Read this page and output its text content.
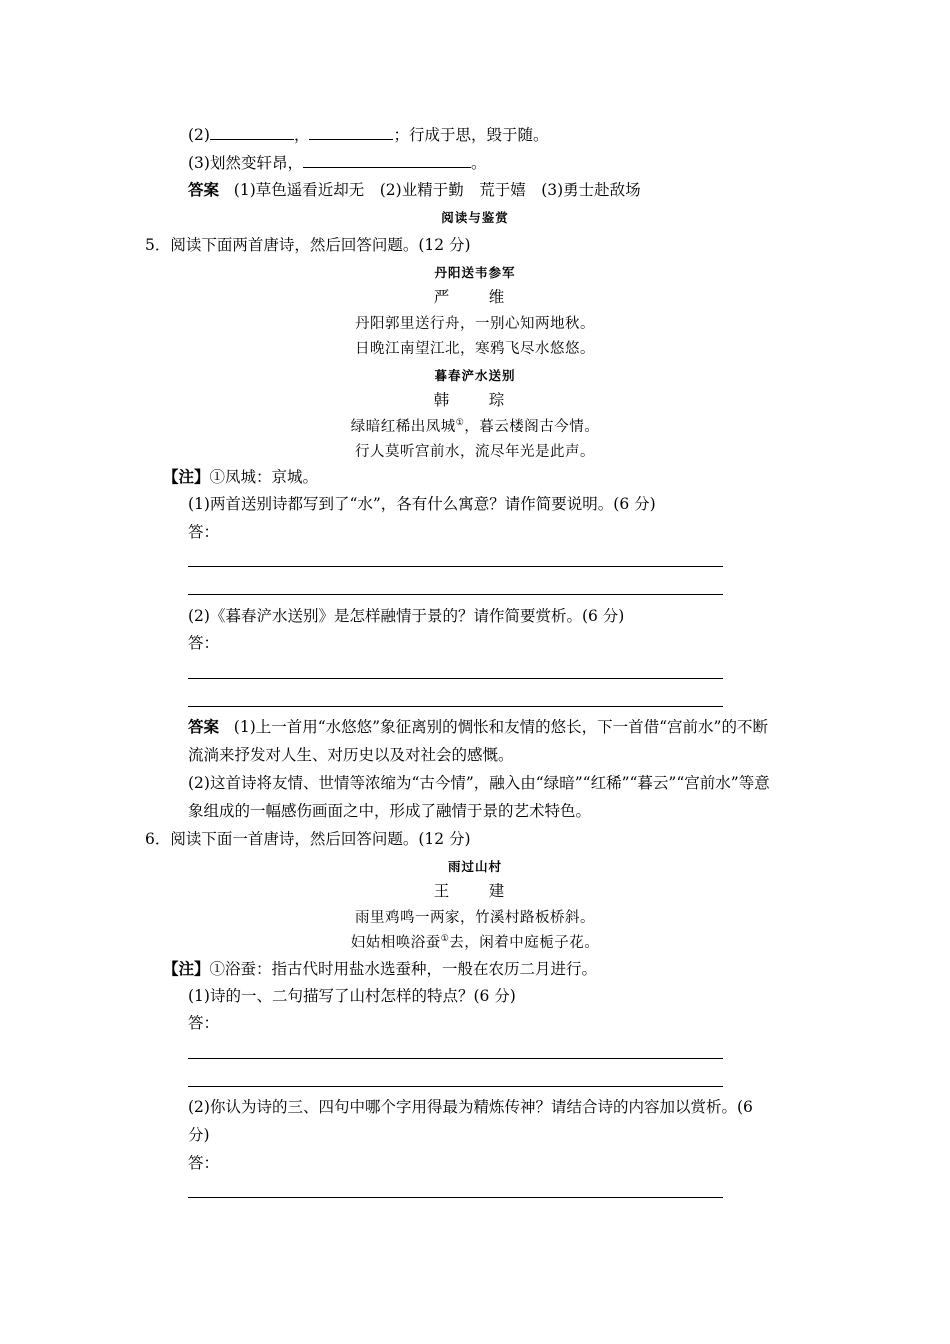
(2)	，	；行成于思，毁于随。
(3)划然变轩昂，	。
答案 (1)草色遥看近却无　(2)业精于勤　荒于嬉　(3)勇士赴敌场
阅读与鉴赏
5．阅读下面两首唐诗，然后回答问题。(12 分)
丹阳送韦参军
严　维
丹阳郭里送行舟，一别心知两地秋。
日晚江南望江北，寒鸦飞尽水悠悠。
暮春浐水送别
韩　琮
绿暗红稀出凤城①，暮云楼阁古今情。
行人莫听宫前水，流尽年光是此声。
【注】①凤城：京城。
(1)两首送别诗都写到了“水”，各有什么寓意？请作简要说明。(6 分)
答：
(2)《暮春浐水送别》是怎样融情于景的？请作简要赏析。(6 分)
答：
答案 (1)上一首用“水悠悠”象征离别的惆怅和友情的悠长，下一首借“宫前水”的不断
流淌来抒发对人生、对历史以及对社会的感慨。
(2)这首诗将友情、世情等浓缩为“古今情”，融入由“绿暗”“红稀”“暮云”“宫前水”等意
象组成的一幅感伤画面之中，形成了融情于景的艺术特色。
6．阅读下面一首唐诗，然后回答问题。(12 分)
雨过山村
王　建
雨里鸡鸣一两家，竹溪村路板桥斜。
妇姑相唤浴蚕①去，闲着中庭栀子花。
【注】①浴蚕：指古代时用盐水选蚕种，一般在农历二月进行。
(1)诗的一、二句描写了山村怎样的特点？(6 分)
答：
(2)你认为诗的三、四句中哪个字用得最为精炼传神？请结合诗的内容加以赏析。(6
分)
答：
